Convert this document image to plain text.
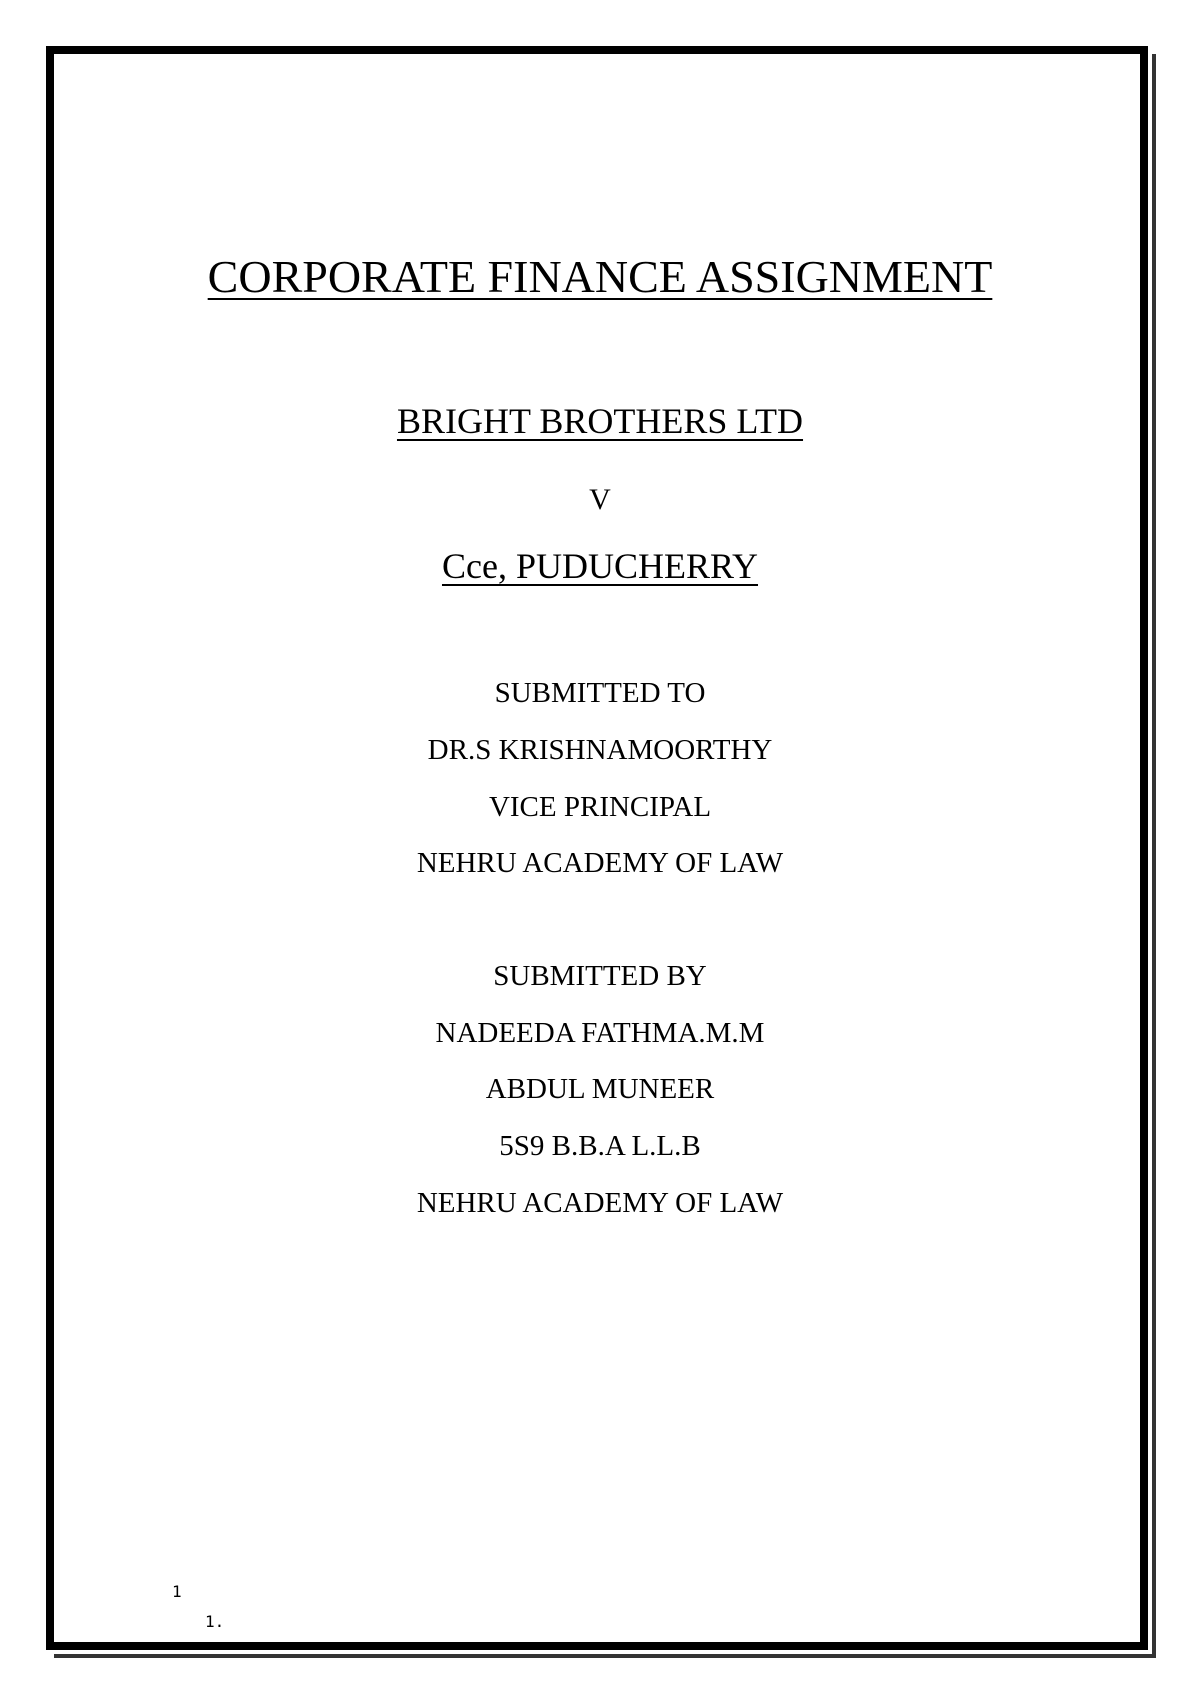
CORPORATE FINANCE ASSIGNMENT
BRIGHT BROTHERS LTD
V
Cce, PUDUCHERRY
SUBMITTED TO
DR.S KRISHNAMOORTHY
VICE PRINCIPAL
NEHRU ACADEMY OF LAW
SUBMITTED BY
NADEEDA FATHMA.M.M
ABDUL MUNEER
5S9 B.B.A L.L.B
NEHRU ACADEMY OF LAW
1
1.
